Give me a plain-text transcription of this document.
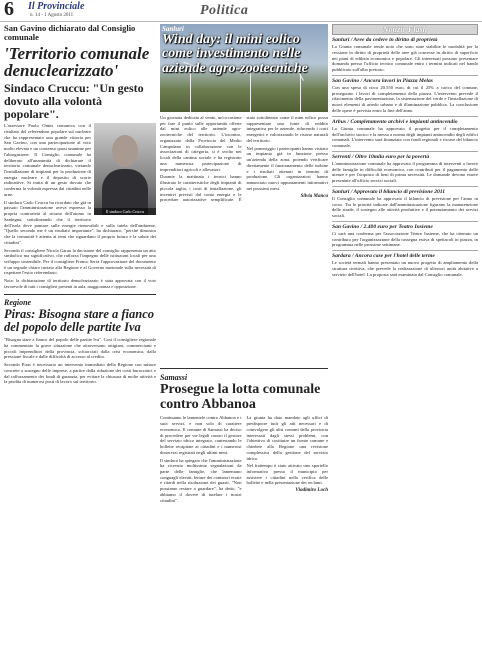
6 Il Provinciale
n. 14 - 1 Agosto 2011	Politica
San Gavino dichiarato dal Consiglio comunale
'Territorio comunale denuclearizzato'
Sindaco Cruccu: "Un gesto dovuto alla volontà popolare".
Il sindaco Carlo Cruccu

L'assessore Paolo Onnis comunica con il risultato del referendum popolare sul nucleare che ha rappresentato una grande vittoria per San Gavino, con una partecipazione al voto molto elevata e un consenso quasi unanime per l'abrogazione. Il Consiglio comunale ha deliberato all'unanimità di dichiarare il territorio comunale denuclearizzato, vietando l'installazione di impianti per la produzione di energia nucleare e il deposito di scorie radioattive. Si tratta di un gesto dovuto che conferma la volontà espressa dai cittadini nelle urne.

Il sindaco Carlo Cruccu ha ricordato che già in passato l'amministrazione aveva espresso la propria contrarietà al ritorno dell'atomo in Sardegna, sottolineando che il territorio dell'isola deve puntare sulle energie rinnovabili e sulla tutela dell'ambiente. "Quello secondo me è un risultato importante", ha dichiarato, "perché dimostra che la comunità è attenta ai temi che riguardano il proprio futuro e la salute dei cittadini".

Secondo il consigliere Nicola Garau la decisione del consiglio rappresenta un atto simbolico ma significativo, che rafforza l'impegno delle istituzioni locali per uno sviluppo sostenibile. Per il consigliere Franco Serra l'approvazione del documento è un segnale chiaro inviato alla Regione e al Governo nazionale sulla necessità di rispettare l'esito referendario.

Nota: la dichiarazione di territorio denuclearizzato è stata approvata con il voto favorevole di tutti i consiglieri presenti in aula, maggioranza e opposizione.

Regione
Piras: Bisogna stare a fianco del popolo delle partite Iva

"Bisogna stare a fianco del popolo delle partite Iva". Così il consigliere regionale ha commentato la grave situazione che attraversano artigiani, commercianti e piccoli imprenditori della provincia, schiacciati dalla crisi economica, dalla pressione fiscale e dalle difficoltà di accesso al credito.

Secondo Piras è necessario un intervento immediato della Regione con misure concrete a sostegno delle imprese, a partire dalla riduzione dei costi burocratici e dal rafforzamento dei fondi di garanzia, per evitare la chiusura di molte attività e la perdita di numerosi posti di lavoro sul territorio.

Sanluri
Wind day: il mini eolico come investimento nelle aziende agro-zootecniche

Un giornata dedicata al vento, un'occasione per fare il punto sulle opportunità offerte dal mini eolico alle aziende agro-zootecniche del territorio. L'incontro, organizzato dalla Provincia del Medio Campidano in collaborazione con le associazioni di categoria, si è svolto nei locali della cantina sociale e ha registrato una numerosa partecipazione di imprenditori agricoli e allevatori.

Durante la mattinata i tecnici hanno illustrato le caratteristiche degli impianti di piccola taglia, i costi di installazione, gli incentivi previsti dal conto energia e le procedure autorizzative semplificate. È stato sottolineato come il mini eolico possa rappresentare una fonte di reddito integrativa per le aziende, riducendo i costi energetici e valorizzando le risorse naturali del territorio.

Nel pomeriggio i partecipanti hanno visitato un impianto già in funzione presso un'azienda della zona, potendo verificare direttamente il funzionamento delle turbine e i risultati ottenuti in termini di produzione. Gli organizzatori hanno annunciato nuovi appuntamenti informativi nei prossimi mesi.

Silvia Manca
Samassi
Prosegue la lotta comunale contro Abbanoa

Continuano le lamentele contro Abbanoa e i suoi servizi, e non solo di carattere economico. Il comune di Samassi ha deciso di procedere per vie legali contro il gestore del servizio idrico integrato, contestando le bollette recapitate ai cittadini e i numerosi disservizi registrati negli ultimi mesi.

Il sindaco ha spiegato che l'amministrazione ha ricevuto moltissime segnalazioni da parte delle famiglie, che lamentano conguagli elevati, letture dei contatori errate e ritardi nella risoluzione dei guasti. "Non possiamo restare a guardare", ha detto, "e abbiamo il dovere di tutelare i nostri cittadini".

La giunta ha dato mandato agli uffici di predisporre tutti gli atti necessari e di coinvolgere gli altri comuni della provincia interessati dagli stessi problemi, con l'obiettivo di costituire un fronte comune e chiedere alla Regione una revisione complessiva della gestione del servizio idrico.

Nel frattempo è stato attivato uno sportello informativo presso il municipio per assistere i cittadini nella verifica delle bollette e nella presentazione dei reclami.

Vladimiro Loch
Notizie Flash
Sanluri / Aree da cedere in diritto di proprietà

La Giunta comunale rende noto che sono state stabilite le modalità per la cessione in diritto di proprietà delle aree già concesse in diritto di superficie nei piani di edilizia economica e popolare. Gli interessati possono presentare domanda presso l'ufficio tecnico comunale entro i termini indicati nel bando pubblicato sull'albo pretorio.

San Gavino / Ancora lavori in Piazza Melas

Con una spesa di circa 20.550 euro, di cui il 25% a carico del comune, proseguono i lavori di completamento della piazza. L'intervento prevede il rifacimento della pavimentazione, la sistemazione del verde e l'installazione di nuovi elementi di arredo urbano e di illuminazione pubblica. La conclusione delle opere è prevista entro la fine dell'anno.

Arbus / Completamento archivi e impianti antincendio

La Giunta comunale ha approvato il progetto per il completamento dell'archivio storico e la messa a norma degli impianti antincendio degli edifici comunali. L'intervento sarà finanziato con fondi regionali e risorse del bilancio comunale.

Serrenti / Oltre 10mila euro per la povertà

L'amministrazione comunale ha approvato il programma di interventi a favore delle famiglie in difficoltà economica, con contributi per il pagamento delle utenze e per l'acquisto di beni di prima necessità. Le domande devono essere presentate all'ufficio servizi sociali.

Sanluri / Approvato il bilancio di previsione 2011

Il Consiglio comunale ha approvato il bilancio di previsione per l'anno in corso. Tra le priorità indicate dall'amministrazione figurano la manutenzione delle strade, il sostegno alle attività produttive e il potenziamento dei servizi sociali.

San Gavino / 2.400 euro per Teatro Insieme

Ci sarà una conferma per l'associazione Teatro Insieme, che ha ottenuto un contributo per l'organizzazione della rassegna estiva di spettacoli in piazza, in programma nelle prossime settimane.

Sardara / Ancora case per l'hotel delle terme

Le società termali hanno presentato un nuovo progetto di ampliamento della struttura ricettiva, che prevede la realizzazione di ulteriori unità abitative a servizio dell'hotel. La proposta sarà esaminata dal Consiglio comunale.
